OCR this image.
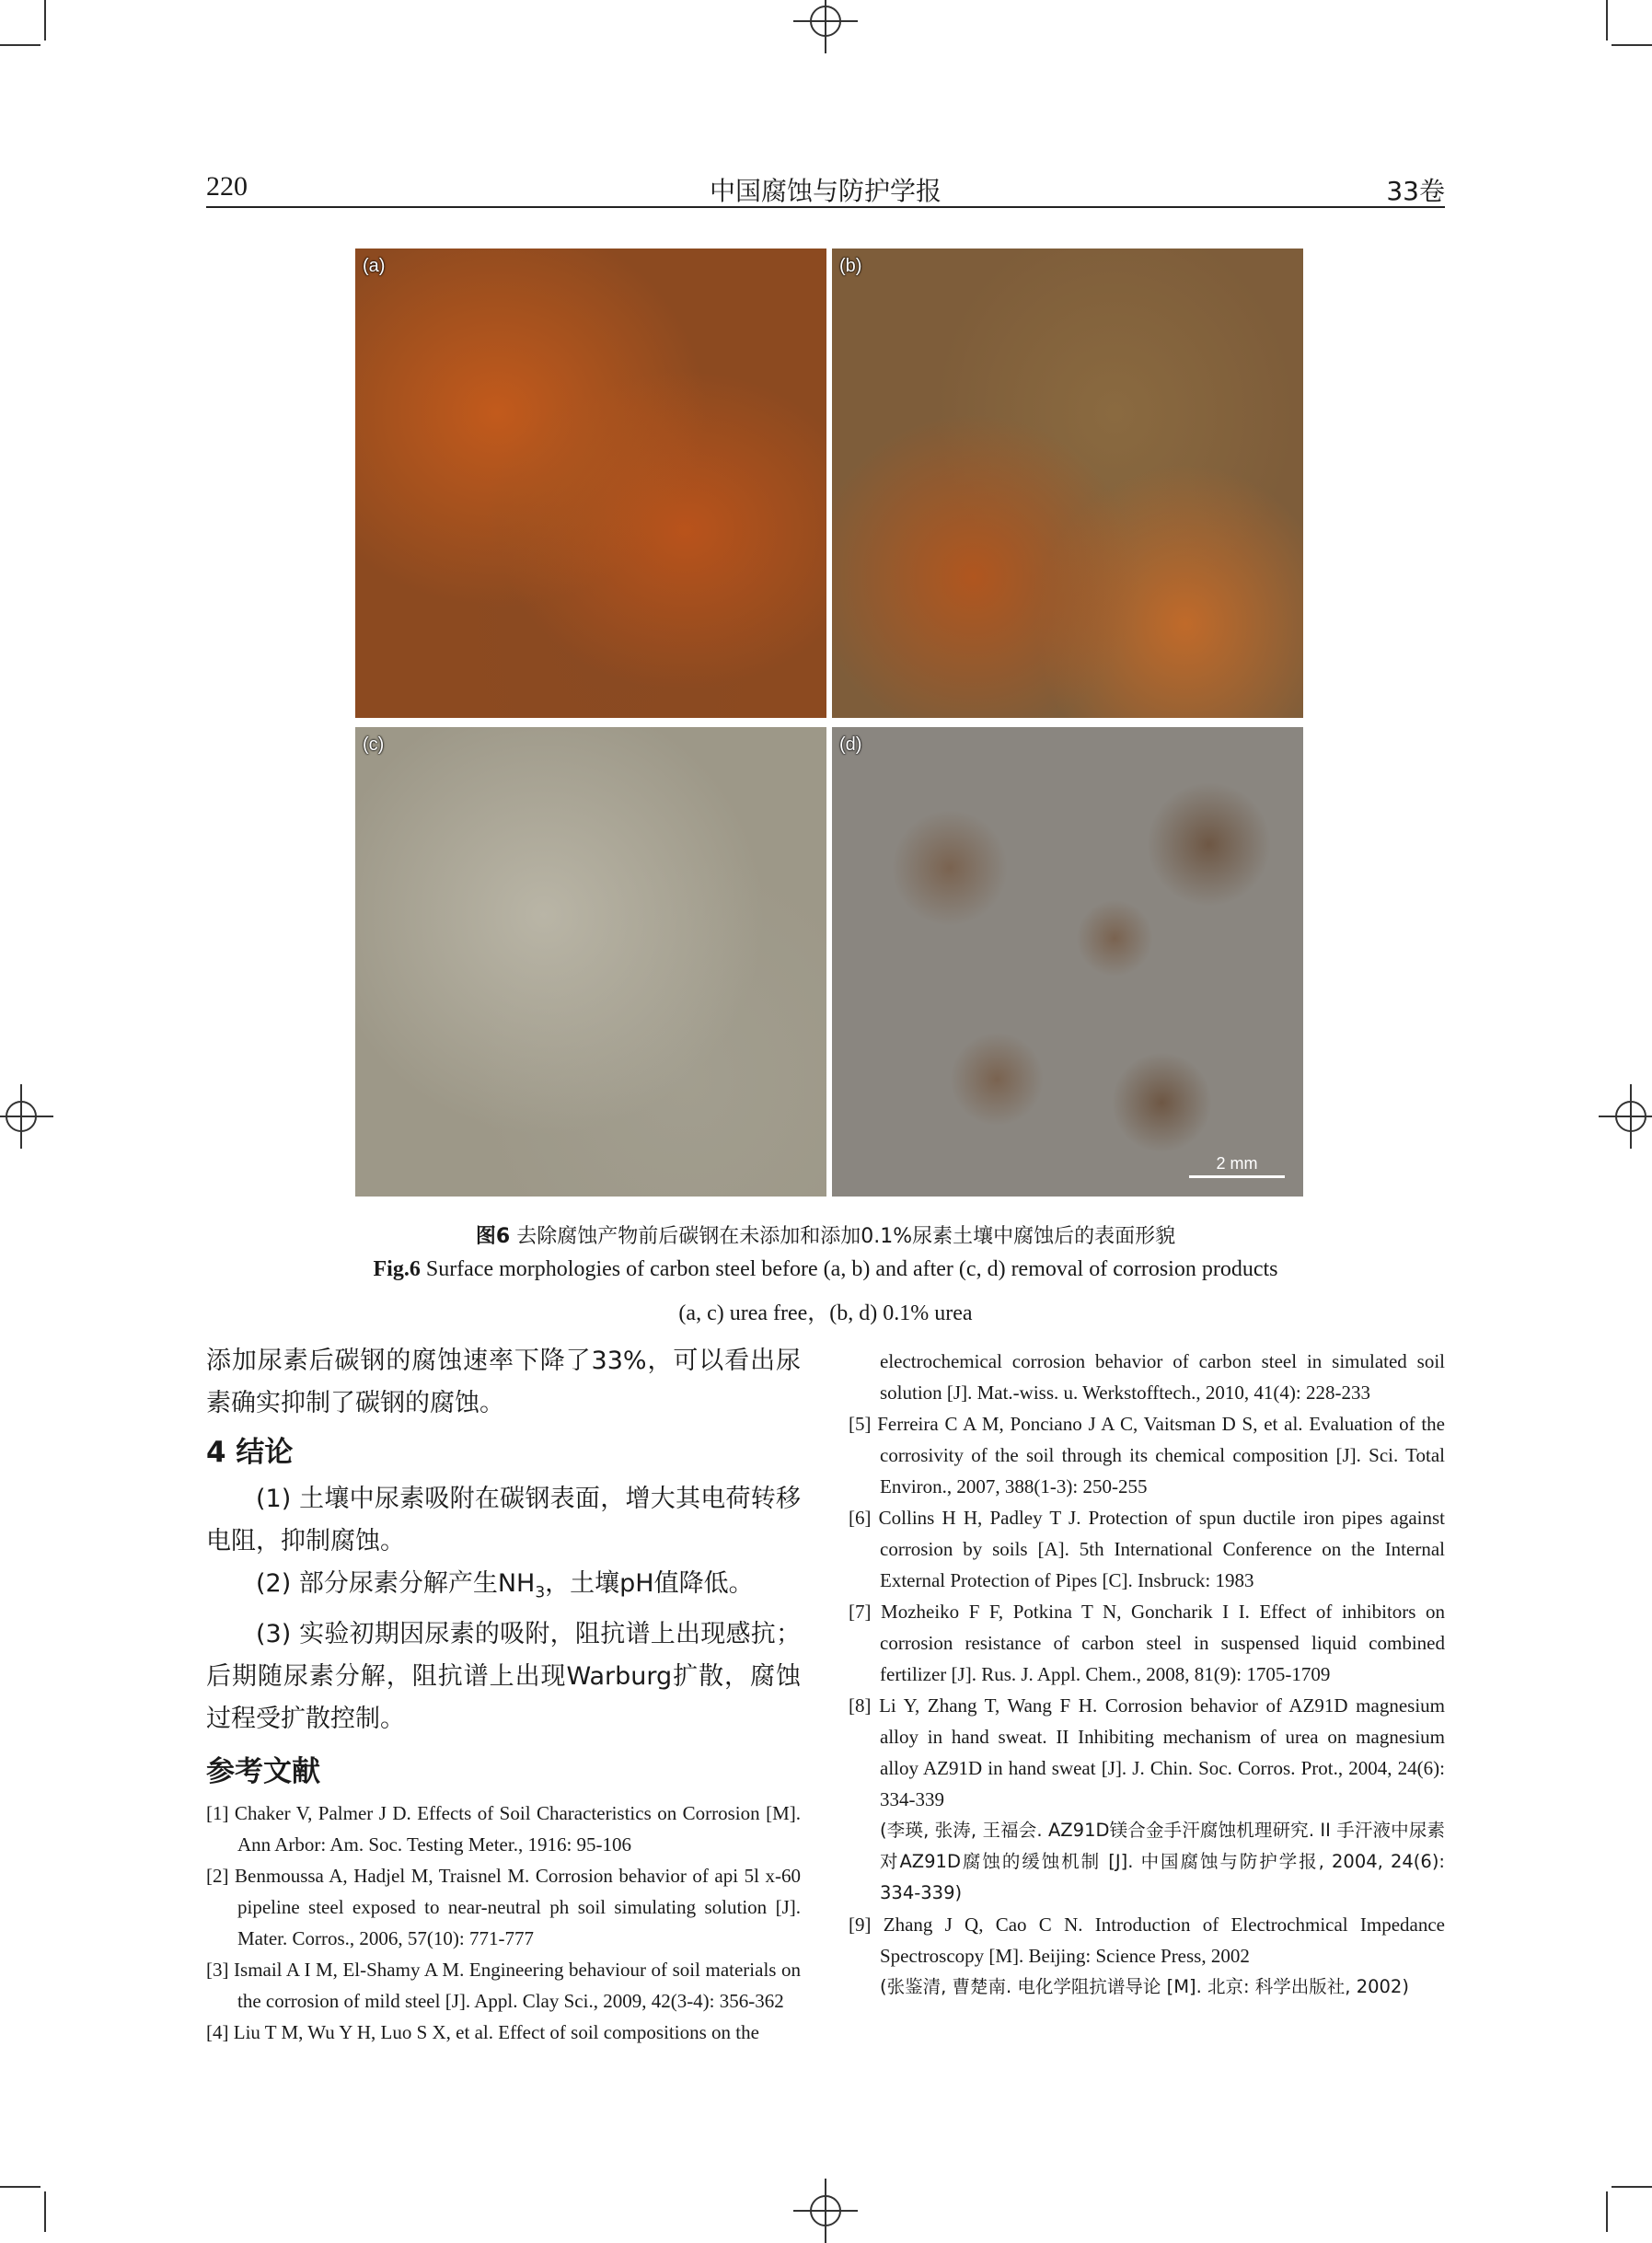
220	中国腐蚀与防护学报	33卷
(a)	(b)
(c)	(d)
2 mm
图6 去除腐蚀产物前后碳钢在未添加和添加0.1%尿素土壤中腐蚀后的表面形貌
Fig.6 Surface morphologies of carbon steel before (a, b) and after (c, d) removal of corrosion products
(a, c) urea free，(b, d) 0.1% urea

添加尿素后碳钢的腐蚀速率下降了33%，可以看出尿素确实抑制了碳钢的腐蚀。

4 结论

(1) 土壤中尿素吸附在碳钢表面，增大其电荷转移电阻，抑制腐蚀。

(2) 部分尿素分解产生$NH_3$，土壤pH值降低。

(3) 实验初期因尿素的吸附，阻抗谱上出现感抗；后期随尿素分解，阻抗谱上出现Warburg扩散，腐蚀过程受扩散控制。

参考文献
[1] Chaker V, Palmer J D. Effects of Soil Characteristics on Corrosion [M]. Ann Arbor: Am. Soc. Testing Meter., 1916: 95-106
[2] Benmoussa A, Hadjel M, Traisnel M. Corrosion behavior of api 5l x-60 pipeline steel exposed to near-neutral ph soil simulating solution [J]. Mater. Corros., 2006, 57(10): 771-777
[3] Ismail A I M, El-Shamy A M. Engineering behaviour of soil materials on the corrosion of mild steel [J]. Appl. Clay Sci., 2009, 42(3-4): 356-362
[4] Liu T M, Wu Y H, Luo S X, et al. Effect of soil compositions on the
electrochemical corrosion behavior of carbon steel in simulated soil solution [J]. Mat.-wiss. u. Werkstofftech., 2010, 41(4): 228-233
[5] Ferreira C A M, Ponciano J A C, Vaitsman D S, et al. Evaluation of the corrosivity of the soil through its chemical composition [J]. Sci. Total Environ., 2007, 388(1-3): 250-255
[6] Collins H H, Padley T J. Protection of spun ductile iron pipes against corrosion by soils [A]. 5th International Conference on the Internal External Protection of Pipes [C]. Insbruck: 1983
[7] Mozheiko F F, Potkina T N, Goncharik I I. Effect of inhibitors on corrosion resistance of carbon steel in suspensed liquid combined fertilizer [J]. Rus. J. Appl. Chem., 2008, 81(9): 1705-1709
[8] Li Y, Zhang T, Wang F H. Corrosion behavior of AZ91D magnesium alloy in hand sweat. II Inhibiting mechanism of urea on magnesium alloy AZ91D in hand sweat [J]. J. Chin. Soc. Corros. Prot., 2004, 24(6): 334-339
(李瑛, 张涛, 王福会. AZ91D镁合金手汗腐蚀机理研究. II 手汗液中尿素对AZ91D腐蚀的缓蚀机制 [J]. 中国腐蚀与防护学报, 2004, 24(6): 334-339)
[9] Zhang J Q, Cao C N. Introduction of Electrochmical Impedance Spectroscopy [M]. Beijing: Science Press, 2002
(张鉴清, 曹楚南. 电化学阻抗谱导论 [M]. 北京: 科学出版社, 2002)
